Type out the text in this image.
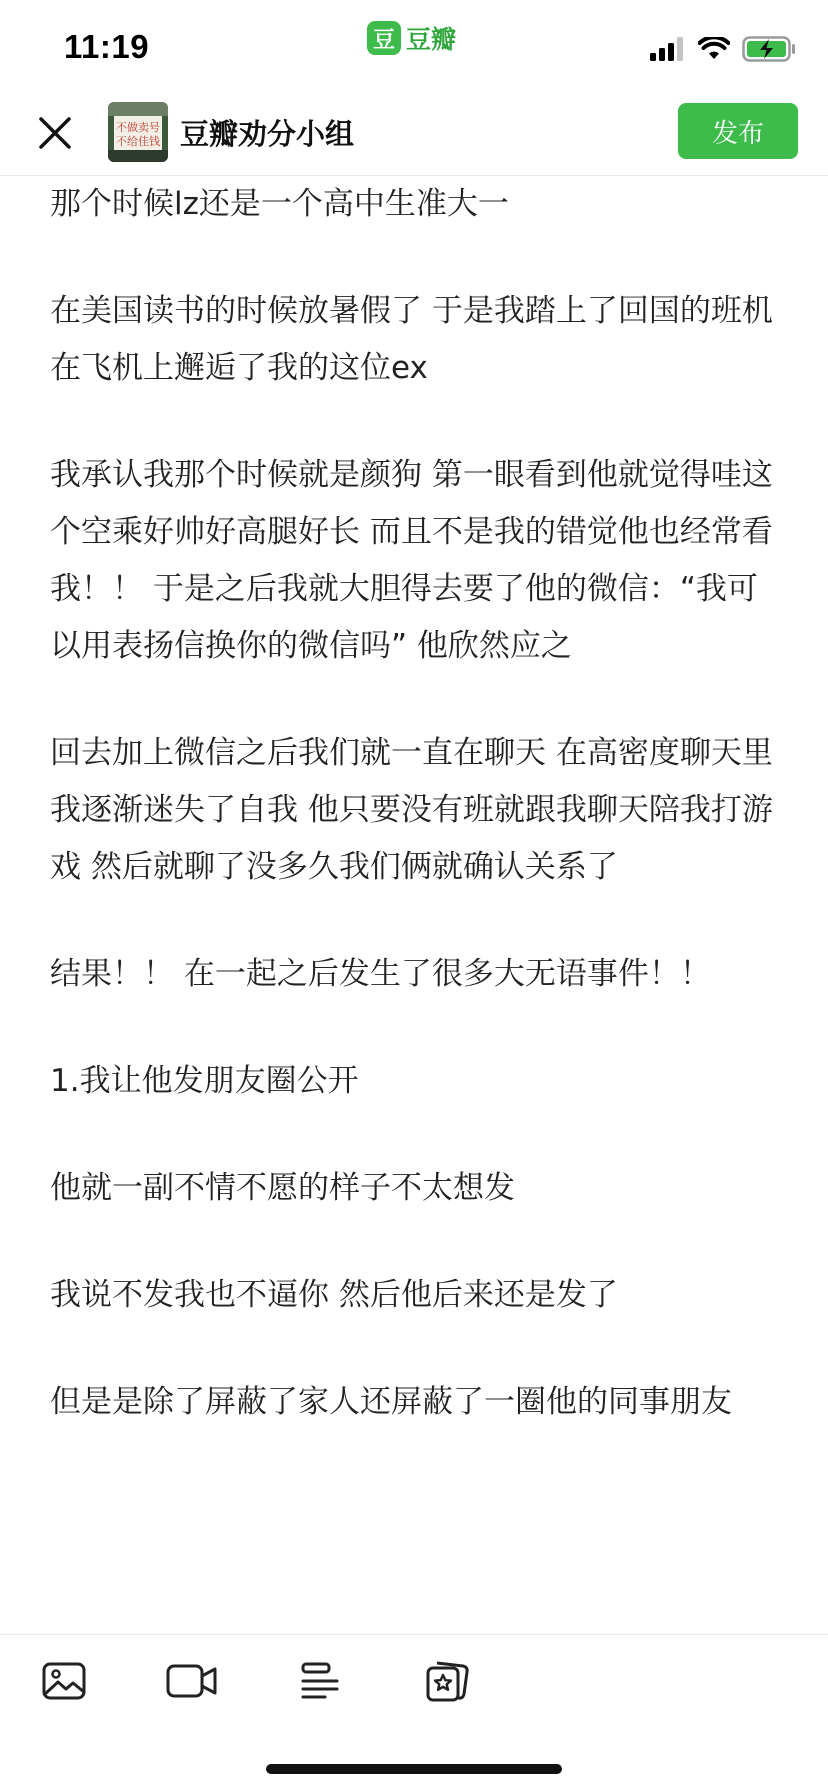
11:19	豆 豆瓣
不做卖号
不给佳钱 豆瓣劝分小组	发布

那个时候lz还是一个高中生准大一

在美国读书的时候放暑假了 于是我踏上了回国的班机 在飞机上邂逅了我的这位ex

我承认我那个时候就是颜狗 第一眼看到他就觉得哇这个空乘好帅好高腿好长 而且不是我的错觉他也经常看我！！ 于是之后我就大胆得去要了他的微信：“我可以用表扬信换你的微信吗” 他欣然应之

回去加上微信之后我们就一直在聊天 在高密度聊天里我逐渐迷失了自我 他只要没有班就跟我聊天陪我打游戏 然后就聊了没多久我们俩就确认关系了

结果！！ 在一起之后发生了很多大无语事件！！

1.我让他发朋友圈公开

他就一副不情不愿的样子不太想发

我说不发我也不逼你 然后他后来还是发了

但是是除了屏蔽了家人还屏蔽了一圈他的同事朋友
